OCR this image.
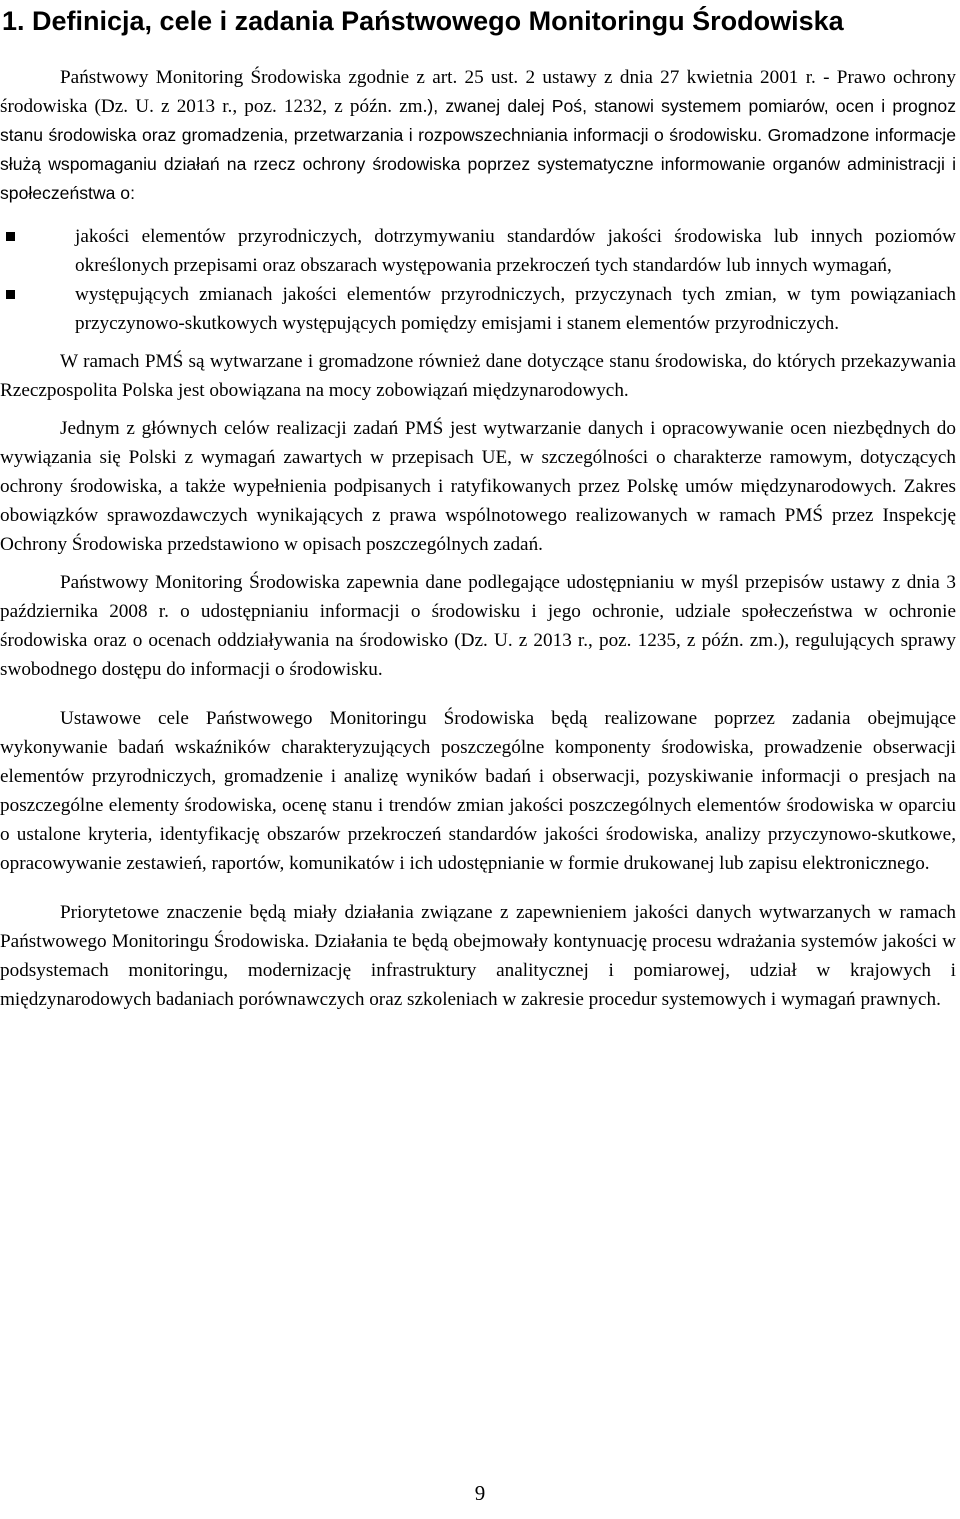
1. Definicja, cele i zadania Państwowego Monitoringu Środowiska

Państwowy Monitoring Środowiska zgodnie z art. 25 ust. 2 ustawy z dnia 27 kwietnia 2001 r. - Prawo ochrony środowiska (Dz. U. z 2013 r., poz. 1232, z późn. zm.), zwanej dalej Poś, stanowi systemem pomiarów, ocen i prognoz stanu środowiska oraz gromadzenia, przetwarzania i rozpowszechniania informacji o środowisku. Gromadzone informacje służą wspomaganiu działań na rzecz ochrony środowiska poprzez systematyczne informowanie organów administracji i społeczeństwa o:

jakości elementów przyrodniczych, dotrzymywaniu standardów jakości środowiska lub innych poziomów określonych przepisami oraz obszarach występowania przekroczeń tych standardów lub innych wymagań,
występujących zmianach jakości elementów przyrodniczych, przyczynach tych zmian, w tym powiązaniach przyczynowo-skutkowych występujących pomiędzy emisjami i stanem elementów przyrodniczych.

W ramach PMŚ są wytwarzane i gromadzone również dane dotyczące stanu środowiska, do których przekazywania Rzeczpospolita Polska jest obowiązana na mocy zobowiązań międzynarodowych.

Jednym z głównych celów realizacji zadań PMŚ jest wytwarzanie danych i opracowywanie ocen niezbędnych do wywiązania się Polski z wymagań zawartych w przepisach UE, w szczególności o charakterze ramowym, dotyczących ochrony środowiska, a także wypełnienia podpisanych i ratyfikowanych przez Polskę umów międzynarodowych. Zakres obowiązków sprawozdawczych wynikających z prawa wspólnotowego realizowanych w ramach PMŚ przez Inspekcję Ochrony Środowiska przedstawiono w opisach poszczególnych zadań.

Państwowy Monitoring Środowiska zapewnia dane podlegające udostępnianiu w myśl przepisów ustawy z dnia 3 października 2008 r. o udostępnianiu informacji o środowisku i jego ochronie, udziale społeczeństwa w ochronie środowiska oraz o ocenach oddziaływania na środowisko (Dz. U. z 2013 r., poz. 1235, z późn. zm.), regulujących sprawy swobodnego dostępu do informacji o środowisku.

Ustawowe cele Państwowego Monitoringu Środowiska będą realizowane poprzez zadania obejmujące wykonywanie badań wskaźników charakteryzujących poszczególne komponenty środowiska, prowadzenie obserwacji elementów przyrodniczych, gromadzenie i analizę wyników badań i obserwacji, pozyskiwanie informacji o presjach na poszczególne elementy środowiska, ocenę stanu i trendów zmian jakości poszczególnych elementów środowiska w oparciu o ustalone kryteria, identyfikację obszarów przekroczeń standardów jakości środowiska, analizy przyczynowo-skutkowe, opracowywanie zestawień, raportów, komunikatów i ich udostępnianie w formie drukowanej lub zapisu elektronicznego.

Priorytetowe znaczenie będą miały działania związane z zapewnieniem jakości danych wytwarzanych w ramach Państwowego Monitoringu Środowiska. Działania te będą obejmowały kontynuację procesu wdrażania systemów jakości w podsystemach monitoringu, modernizację infrastruktury analitycznej i pomiarowej, udział w krajowych i międzynarodowych badaniach porównawczych oraz szkoleniach w zakresie procedur systemowych i wymagań prawnych.

9
